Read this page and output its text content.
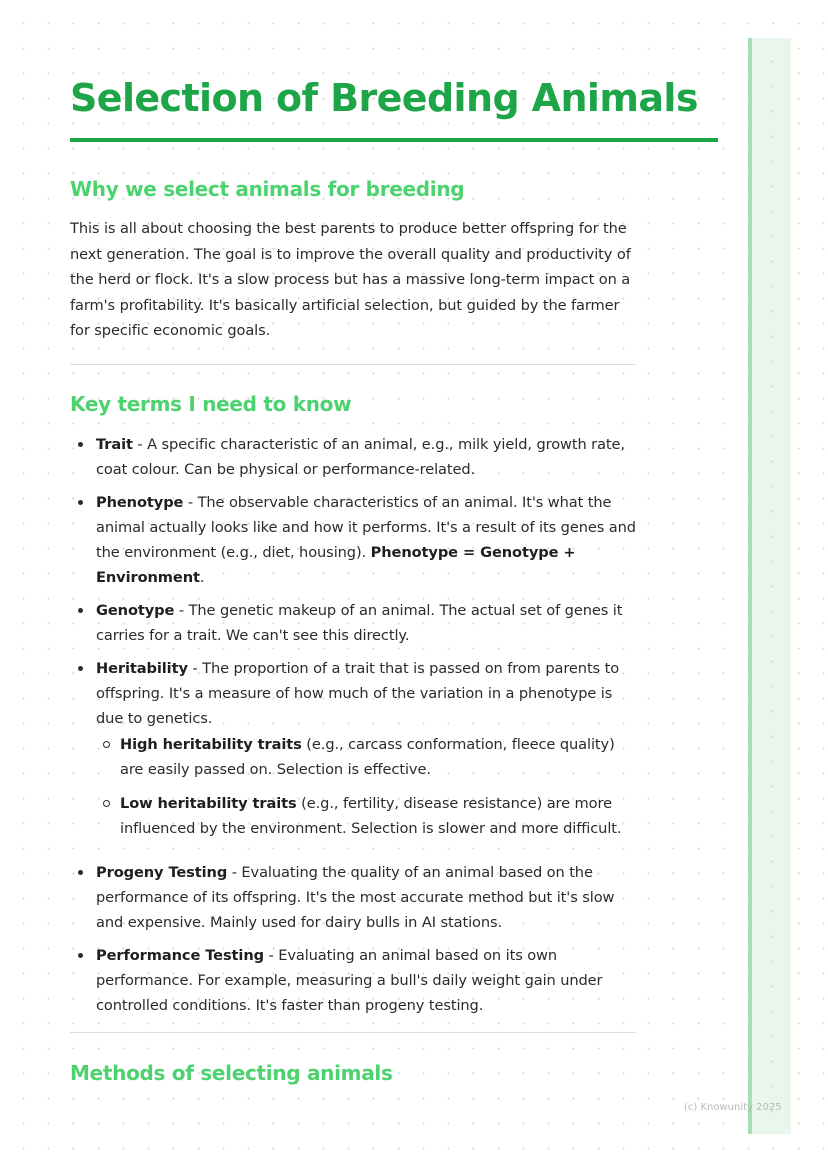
Selection of Breeding Animals
Why we select animals for breeding

This is all about choosing the best parents to produce better offspring for the next generation. The goal is to improve the overall quality and productivity of the herd or flock. It's a slow process but has a massive long-term impact on a farm's profitability. It's basically artificial selection, but guided by the farmer for specific economic goals.

Key terms I need to know
Trait - A specific characteristic of an animal, e.g., milk yield, growth rate, coat colour. Can be physical or performance-related.
Phenotype - The observable characteristics of an animal. It's what the animal actually looks like and how it performs. It's a result of its genes and the environment (e.g., diet, housing). Phenotype = Genotype + Environment.
Genotype - The genetic makeup of an animal. The actual set of genes it carries for a trait. We can't see this directly.
Heritability - The proportion of a trait that is passed on from parents to offspring. It's a measure of how much of the variation in a phenotype is due to genetics.
High heritability traits (e.g., carcass conformation, fleece quality) are easily passed on. Selection is effective.
Low heritability traits (e.g., fertility, disease resistance) are more influenced by the environment. Selection is slower and more difficult.
Progeny Testing - Evaluating the quality of an animal based on the performance of its offspring. It's the most accurate method but it's slow and expensive. Mainly used for dairy bulls in AI stations.
Performance Testing - Evaluating an animal based on its own performance. For example, measuring a bull's daily weight gain under controlled conditions. It's faster than progeny testing.
Methods of selecting animals
(c) Knowunity 2025
